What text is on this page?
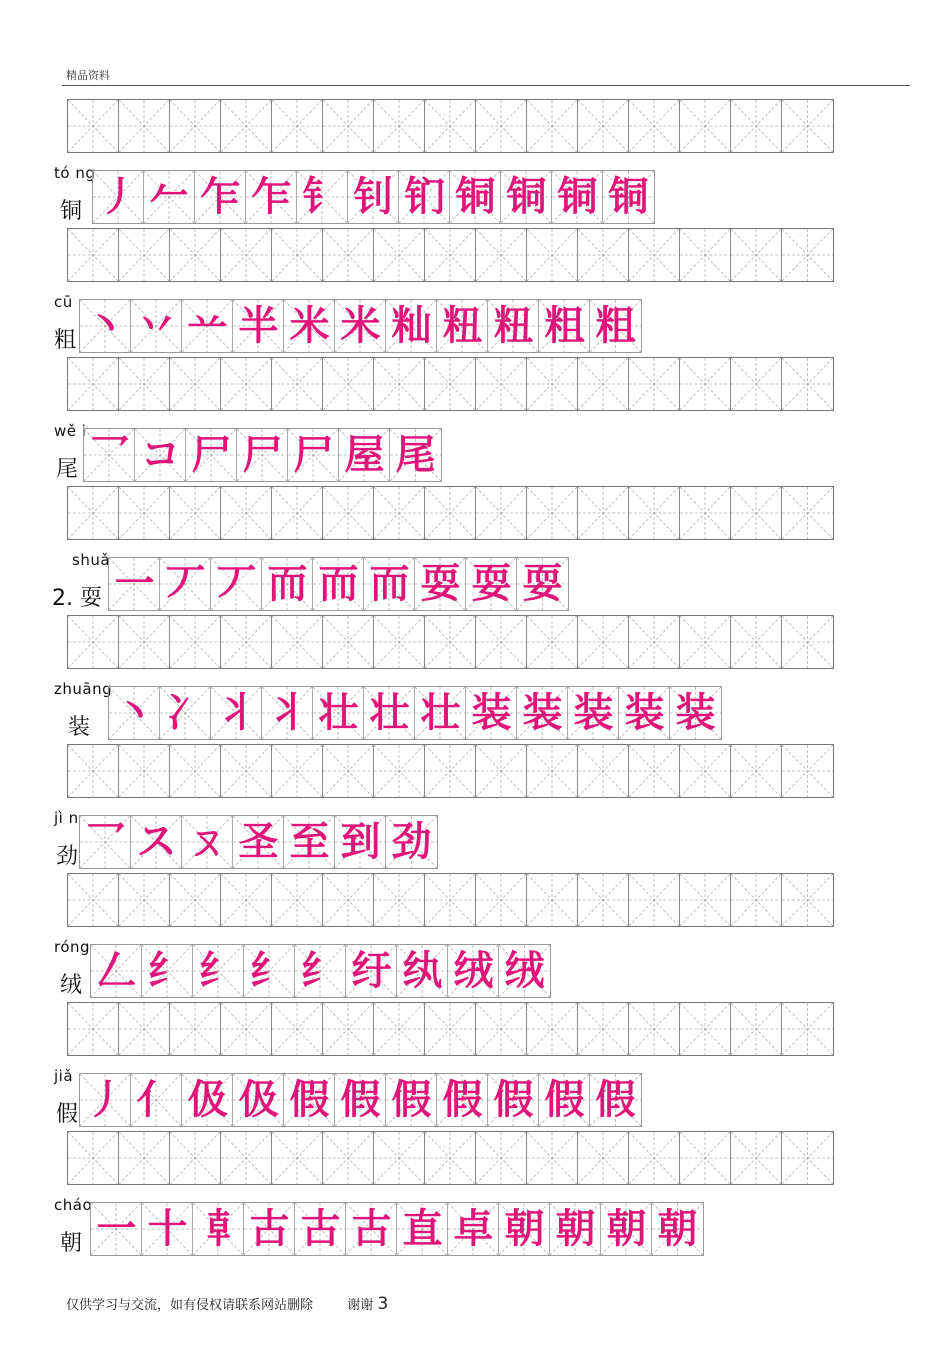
精品资料
tó ng
铜 丿 𠂉 乍 乍 钅 钊 钔 铜 铜 铜 铜
cū
粗 丶 丷 䒑 半 米 米 籼 粈 粈 粗 粗
wě i
尾 乛 コ 尸 尸 尸 屋 尾
shuǎ
2. 耍 一 丆 丆 而 而 而 耍 耍 耍
zhuāng
装 丶 冫 丬 丬 壮 壮 壮 装 装 装 装 装
jì n
劲 乛 ス ㄡ 圣 至 到 劲
róng
绒 𠃋 纟 纟 纟 纟 纡 纨 绒 绒
jiǎ
假 丿 亻 伋 伋 假 假 假 假 假 假 假
cháo
朝 一 十 𠦝 古 古 古 直 卓 朝 朝 朝 朝
仅供学习与交流，如有侵权请联系网站删除	谢谢 3
